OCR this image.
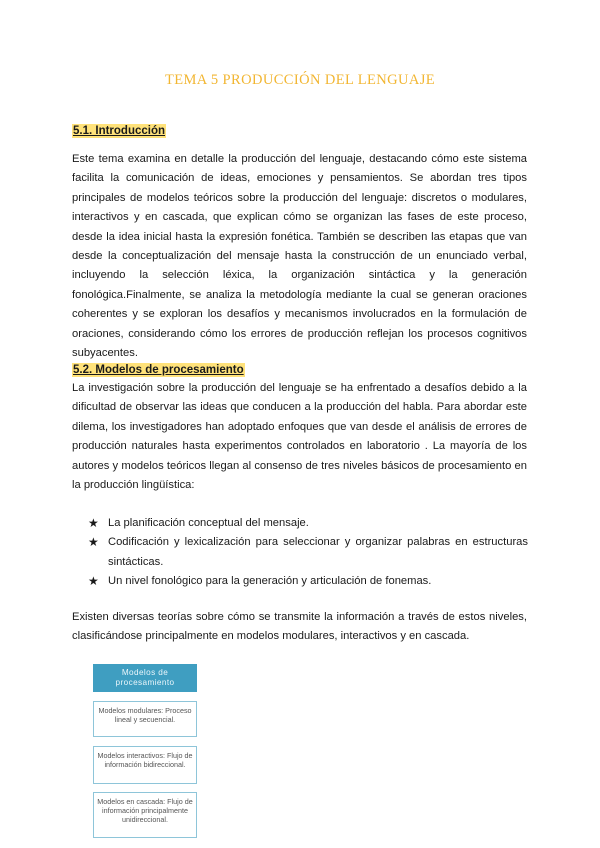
TEMA 5 PRODUCCIÓN DEL LENGUAJE
5.1. Introducción

Este tema examina en detalle la producción del lenguaje, destacando cómo este sistema facilita la comunicación de ideas, emociones y pensamientos. Se abordan tres tipos principales de modelos teóricos sobre la producción del lenguaje: discretos o modulares, interactivos y en cascada, que explican cómo se organizan las fases de este proceso, desde la idea inicial hasta la expresión fonética. También se describen las etapas que van desde la conceptualización del mensaje hasta la construcción de un enunciado verbal, incluyendo la selección léxica, la organización sintáctica y la generación fonológica.Finalmente, se analiza la metodología mediante la cual se generan oraciones coherentes y se exploran los desafíos y mecanismos involucrados en la formulación de oraciones, considerando cómo los errores de producción reflejan los procesos cognitivos subyacentes.

5.2. Modelos de procesamiento

La investigación sobre la producción del lenguaje se ha enfrentado a desafíos debido a la dificultad de observar las ideas que conducen a la producción del habla. Para abordar este dilema, los investigadores han adoptado enfoques que van desde el análisis de errores de producción naturales hasta experimentos controlados en laboratorio . La mayoría de los autores y modelos teóricos llegan al consenso de tres niveles básicos de procesamiento en la producción lingüística:

★ La planificación conceptual del mensaje.
★ Codificación y lexicalización para seleccionar y organizar palabras en estructuras sintácticas.
★ Un nivel fonológico para la generación y articulación de fonemas.

Existen diversas teorías sobre cómo se transmite la información a través de estos niveles, clasificándose principalmente en modelos modulares, interactivos y en cascada.

Modelos de procesamiento
Modelos modulares: Proceso lineal y secuencial.
Modelos interactivos: Flujo de información bidireccional.
Modelos en cascada: Flujo de información principalmente unidireccional.
